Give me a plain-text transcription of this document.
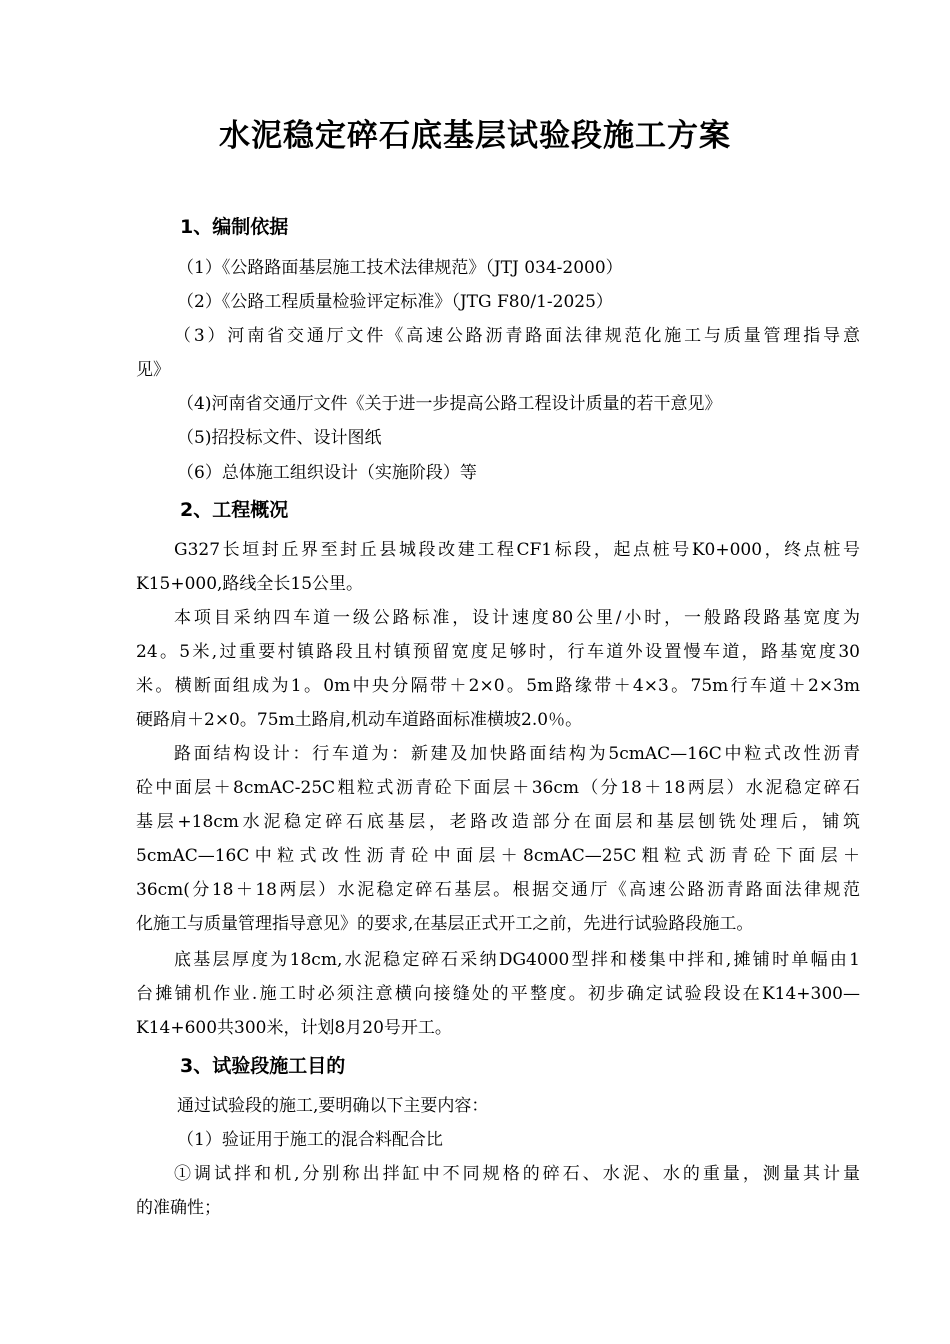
水泥稳定碎石底基层试验段施工方案
1、编制依据
（1）《公路路面基层施工技术法律规范》（JTJ 034-2000）
（2）《公路工程质量检验评定标准》（JTG F80/1-2025）
（3）河南省交通厅文件《高速公路沥青路面法律规范化施工与质量管理指导意
见》
（4)河南省交通厅文件《关于进一步提高公路工程设计质量的若干意见》
（5)招投标文件、设计图纸
（6）总体施工组织设计（实施阶段）等
2、工程概况
G327长垣封丘界至封丘县城段改建工程CF1标段，起点桩号K0+000，终点桩号
K15+000,路线全长15公里。
本项目采纳四车道一级公路标准，设计速度80公里/小时，一般路段路基宽度为
24。5米,过重要村镇路段且村镇预留宽度足够时，行车道外设置慢车道，路基宽度30
米。横断面组成为1。0m中央分隔带＋2×0。5m路缘带＋4×3。75m行车道＋2×3m
硬路肩＋2×0。75m土路肩,机动车道路面标准横坡2.0％。
路面结构设计：行车道为：新建及加快路面结构为5cmAC—16C中粒式改性沥青
砼中面层＋8cmAC-25C粗粒式沥青砼下面层＋36cm（分18＋18两层）水泥稳定碎石
基层+18cm水泥稳定碎石底基层，老路改造部分在面层和基层刨铣处理后，铺筑
5cmAC—16C中粒式改性沥青砼中面层＋8cmAC—25C粗粒式沥青砼下面层＋
36cm(分18＋18两层）水泥稳定碎石基层。根据交通厅《高速公路沥青路面法律规范
化施工与质量管理指导意见》的要求,在基层正式开工之前，先进行试验路段施工。
底基层厚度为18cm,水泥稳定碎石采纳DG4000型拌和楼集中拌和,摊铺时单幅由1
台摊铺机作业.施工时必须注意横向接缝处的平整度。初步确定试验段设在K14+300—
K14+600共300米，计划8月20号开工。
3、试验段施工目的
通过试验段的施工,要明确以下主要内容：
（1）验证用于施工的混合料配合比
①调试拌和机,分别称出拌缸中不同规格的碎石、水泥、水的重量，测量其计量
的准确性；
